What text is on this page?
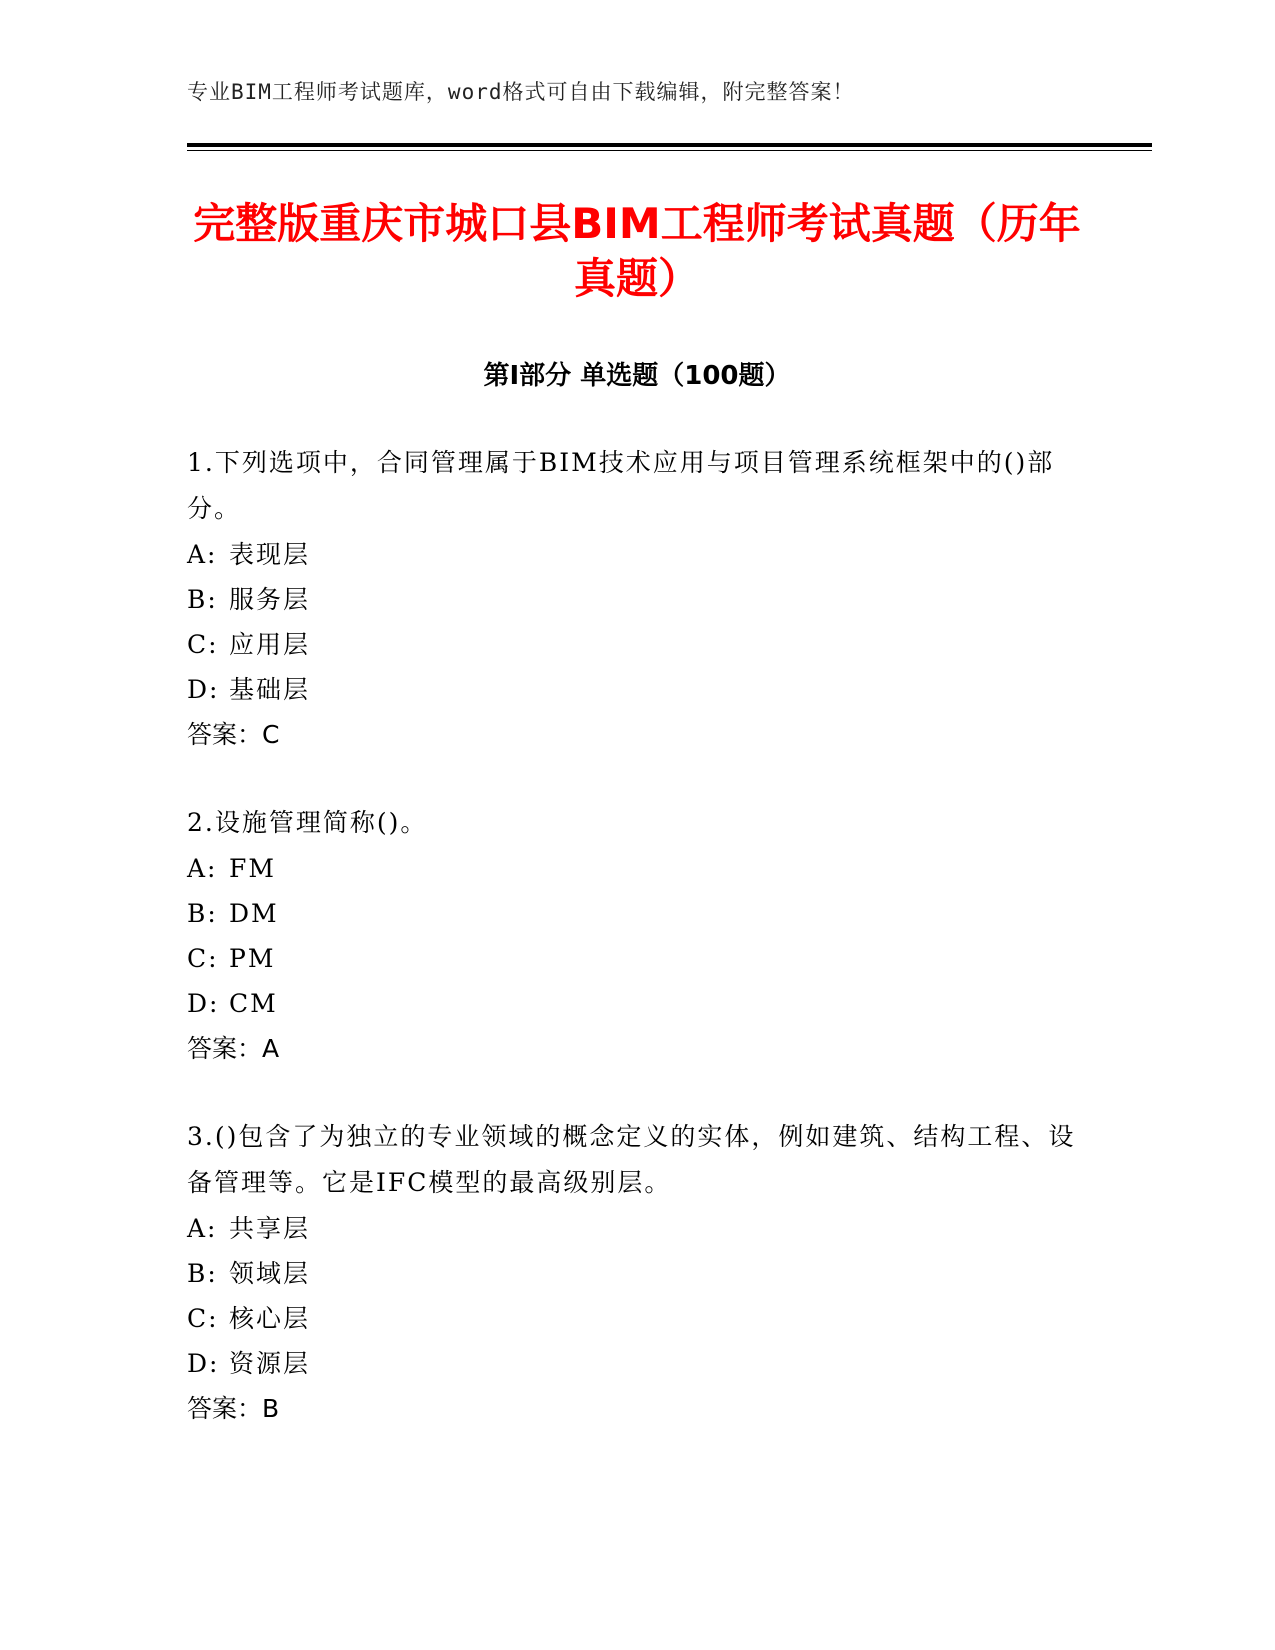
专业BIM工程师考试题库，word格式可自由下载编辑，附完整答案！
完整版重庆市城口县BIM工程师考试真题（历年真题）
第I部分 单选题（100题）

1.下列选项中，合同管理属于BIM技术应用与项目管理系统框架中的()部分。

A: 表现层

B: 服务层

C: 应用层

D: 基础层

答案：C

2.设施管理简称()。

A: FM

B: DM

C: PM

D: CM

答案：A

3.()包含了为独立的专业领域的概念定义的实体，例如建筑、结构工程、设备管理等。它是IFC模型的最高级别层。

A: 共享层

B: 领域层

C: 核心层

D: 资源层

答案：B
